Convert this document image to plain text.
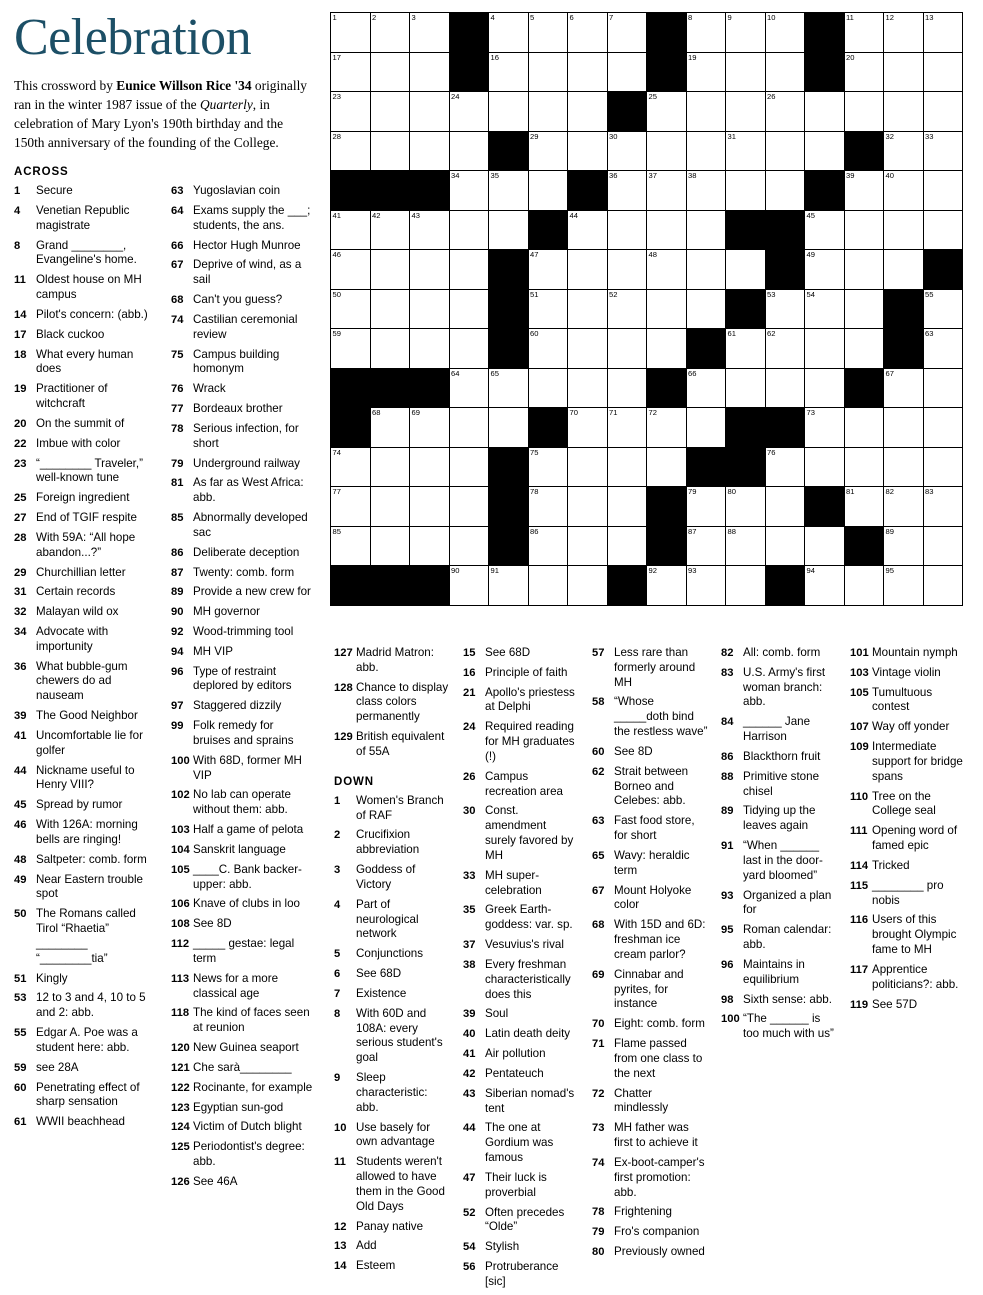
Celebration
This crossword by Eunice Willson Rice '34 originally ran in the winter 1987 issue of the Quarterly, in celebration of Mary Lyon's 190th birthday and the 150th anniversary of the founding of the College.
ACROSS
1	Secure
4	Venetian Republic magistrate
8	Grand ________, Evangeline's home.
11 Oldest house on MH campus
14 Pilot's concern: (abb.)
17 Black cuckoo
18 What every human does
19 Practitioner of witchcraft
20 On the summit of
22 Imbue with color
23 “________ Traveler,” well-known tune
25 Foreign ingredient
27 End of TGIF respite
28 With 59A: “All hope abandon...?”
29 Churchillian letter
31 Certain records
32 Malayan wild ox
34 Advocate with importunity
36 What bubble-gum chewers do ad nauseam
39 The Good Neighbor
41 Uncomfortable lie for golfer
44 Nickname useful to Henry VIII?
45 Spread by rumor
46 With 126A: morning bells are ringing!
48 Saltpeter: comb. form
49 Near Eastern trouble spot
50 The Romans called Tirol “Rhaetia” ________ “________tia”
51 Kingly
53 12 to 3 and 4, 10 to 5 and 2: abb.
55 Edgar A. Poe was a student here: abb.
59 see 28A
60 Penetrating effect of sharp sensation
61 WWII beachhead

63 Yugoslavian coin
64 Exams supply the ___; students, the ans.
66 Hector Hugh Munroe
67 Deprive of wind, as a sail
68 Can't you guess?
74 Castilian ceremonial review
75 Campus building homonym
76 Wrack
77 Bordeaux brother
78 Serious infection, for short
79 Underground railway
81 As far as West Africa: abb.
85 Abnormally developed sac
86 Deliberate deception
87 Twenty: comb. form
89 Provide a new crew for
90 MH governor
92 Wood-trimming tool
94 MH VIP
96 Type of restraint deplored by editors
97 Staggered dizzily
99 Folk remedy for bruises and sprains
100 With 68D, former MH VIP
102 No lab can operate without them: abb.
103 Half a game of pelota
104 Sanskrit language
105 ____C. Bank backer-upper: abb.
106 Knave of clubs in loo
108 See 8D
112 _____ gestae: legal term
113 News for a more classical age
118 The kind of faces seen at reunion
120 New Guinea seaport
121 Che sarà________
122 Rocinante, for example
123 Egyptian sun-god
124 Victim of Dutch blight
125 Periodontist's degree: abb.
126 See 46A
1	2	3		4	5	6	7		8	9	10		11	12	13

17				16					19				20		

23			24					25			26				

28					29		30			31				32	33

			34	35			36	37	38				39	40	

41	42	43				44						45			

46					47			48				49			

50					51		52				53	54			55

59					60					61	62				63

			64	65					66					67	

	68	69				70	71	72				73			

74					75						76				

77					78				79	80			81	82	83

85					86				87	88				89	

			90	91				92	93			94		95	

127 Madrid Matron: abb.
128 Chance to display class colors permanently
129 British equivalent of 55A
DOWN
1	Women's Branch of RAF
2	Crucifixion abbreviation
3	Goddess of Victory
4	Part of neurological network
5	Conjunctions
6	See 68D
7	Existence
8	With 60D and 108A: every serious student's goal
9	Sleep characteristic: abb.
10 Use basely for own advantage
11 Students weren't allowed to have them in the Good Old Days
12 Panay native
13 Add
14 Esteem
15 See 68D
16 Principle of faith
21 Apollo's priestess at Delphi
24 Required reading for MH graduates (!)
26 Campus recreation area
30 Const. amendment surely favored by MH
33 MH super-celebration
35 Greek Earth-goddess: var. sp.
37 Vesuvius's rival
38 Every freshman characteristically does this
39 Soul
40 Latin death deity
41 Air pollution
42 Pentateuch
43 Siberian nomad's tent
44 The one at Gordium was famous
47 Their luck is proverbial
52 Often precedes “Olde”
54 Stylish
56 Protruberance [sic]
57 Less rare than formerly around MH
58 “Whose _____doth bind the restless wave”
60 See 8D
62 Strait between Borneo and Celebes: abb.
63 Fast food store, for short
65 Wavy: heraldic term
67 Mount Holyoke color
68 With 15D and 6D: freshman ice cream parlor?
69 Cinnabar and pyrites, for instance
70 Eight: comb. form
71 Flame passed from one class to the next
72 Chatter mindlessly
73 MH father was first to achieve it
74 Ex-boot-camper's first promotion: abb.
78 Frightening
79 Fro's companion
80 Previously owned
82 All: comb. form
83 U.S. Army's first woman branch: abb.
84 ______ Jane Harrison
86 Blackthorn fruit
88 Primitive stone chisel
89 Tidying up the leaves again
91 “When ______ last in the door-yard bloomed”
93 Organized a plan for
95 Roman calendar: abb.
96 Maintains in equilibrium
98 Sixth sense: abb.
100 “The ______ is too much with us”
101 Mountain nymph
103 Vintage violin
105 Tumultuous contest
107 Way off yonder
109 Intermediate support for bridge spans
110 Tree on the College seal
111 Opening word of famed epic
114 Tricked
115 ________ pro nobis
116 Users of this brought Olympic fame to MH
117 Apprentice politicians?: abb.
119 See 57D
